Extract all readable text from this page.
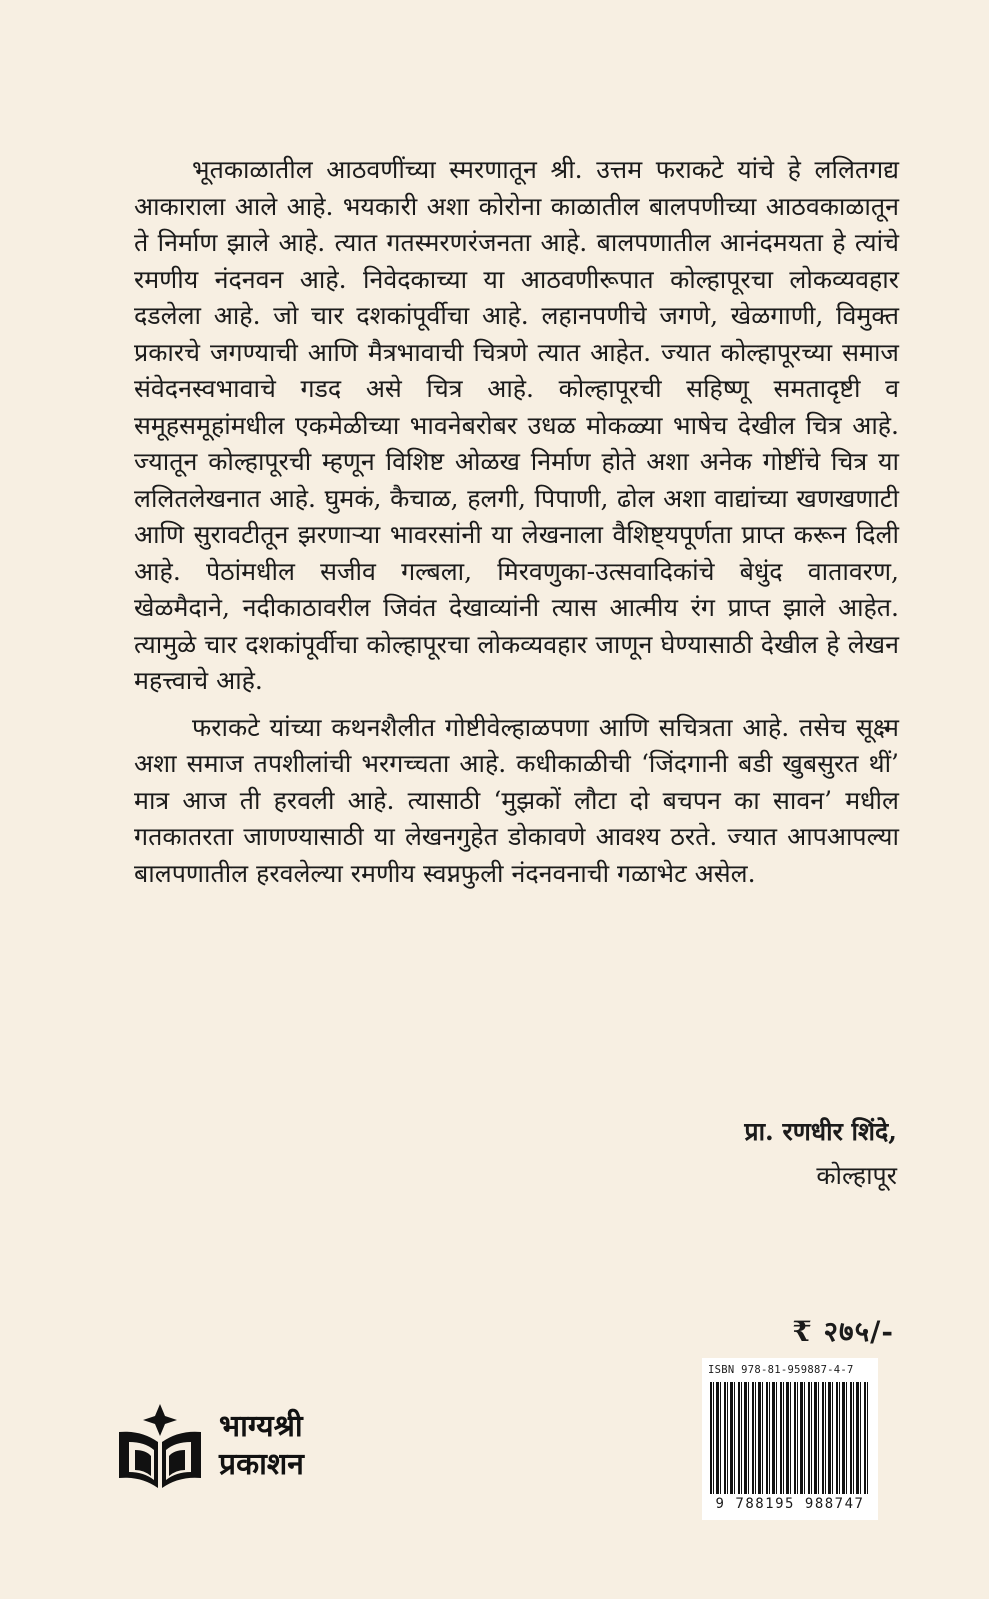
भूतकाळातील आठवणींच्या स्मरणातून श्री. उत्तम फराकटे यांचे हे ललितगद्य आकाराला आले आहे. भयकारी अशा कोरोना काळातील बालपणीच्या आठवकाळातून ते निर्माण झाले आहे. त्यात गतस्मरणरंजनता आहे. बालपणातील आनंदमयता हे त्यांचे रमणीय नंदनवन आहे. निवेदकाच्या या आठवणीरूपात कोल्हापूरचा लोकव्यवहार दडलेला आहे. जो चार दशकांपूर्वीचा आहे. लहानपणीचे जगणे, खेळगाणी, विमुक्त प्रकारचे जगण्याची आणि मैत्रभावाची चित्रणे त्यात आहेत. ज्यात कोल्हापूरच्या समाज संवेदनस्वभावाचे गडद असे चित्र आहे. कोल्हापूरची सहिष्णू समतादृष्टी व समूहसमूहांमधील एकमेळीच्या भावनेबरोबर उधळ मोकळ्या भाषेच देखील चित्र आहे. ज्यातून कोल्हापूरची म्हणून विशिष्ट ओळख निर्माण होते अशा अनेक गोष्टींचे चित्र या ललितलेखनात आहे. घुमकं, कैचाळ, हलगी, पिपाणी, ढोल अशा वाद्यांच्या खणखणाटी आणि सुरावटीतून झरणाऱ्या भावरसांनी या लेखनाला वैशिष्ट्यपूर्णता प्राप्त करून दिली आहे. पेठांमधील सजीव गल्बला, मिरवणुका-उत्सवादिकांचे बेधुंद वातावरण, खेळमैदाने, नदीकाठावरील जिवंत देखाव्यांनी त्यास आत्मीय रंग प्राप्त झाले आहेत. त्यामुळे चार दशकांपूर्वीचा कोल्हापूरचा लोकव्यवहार जाणून घेण्यासाठी देखील हे लेखन महत्त्वाचे आहे.

फराकटे यांच्या कथनशैलीत गोष्टीवेल्हाळपणा आणि सचित्रता आहे. तसेच सूक्ष्म अशा समाज तपशीलांची भरगच्चता आहे. कधीकाळीची ‘जिंदगानी बडी खुबसुरत थीं’ मात्र आज ती हरवली आहे. त्यासाठी ‘मुझकों लौटा दो बचपन का सावन’ मधील गतकातरता जाणण्यासाठी या लेखनगुहेत डोकावणे आवश्य ठरते. ज्यात आपआपल्या बालपणातील हरवलेल्या रमणीय स्वप्नफुली नंदनवनाची गळाभेट असेल.

प्रा. रणधीर शिंदे,
कोल्हापूर
₹ २७५/-
ISBN 978-81-959887-4-7
9 788195 988747
भाग्यश्री
प्रकाशन
